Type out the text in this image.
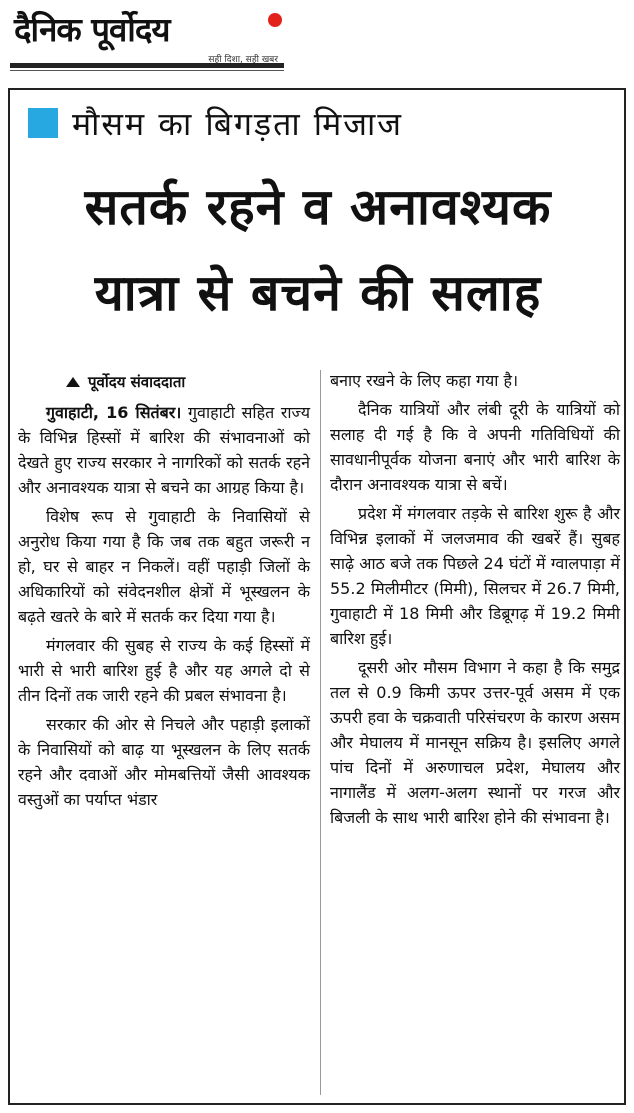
दैनिक पूर्वोदय
सही दिशा, सही खबर
मौसम का बिगड़ता मिजाज
सतर्क रहने व अनावश्यक
यात्रा से बचने की सलाह
पूर्वोदय संवाददाता

गुवाहाटी, 16 सितंबर। गुवाहाटी सहित राज्य के विभिन्न हिस्सों में बारिश की संभावनाओं को देखते हुए राज्य सरकार ने नागरिकों को सतर्क रहने और अनावश्यक यात्रा से बचने का आग्रह किया है।

विशेष रूप से गुवाहाटी के निवासियों से अनुरोध किया गया है कि जब तक बहुत जरूरी न हो, घर से बाहर न निकलें। वहीं पहाड़ी जिलों के अधिकारियों को संवेदनशील क्षेत्रों में भूस्खलन के बढ़ते खतरे के बारे में सतर्क कर दिया गया है।

मंगलवार की सुबह से राज्य के कई हिस्सों में भारी से भारी बारिश हुई है और यह अगले दो से तीन दिनों तक जारी रहने की प्रबल संभावना है।

सरकार की ओर से निचले और पहाड़ी इलाकों के निवासियों को बाढ़ या भूस्खलन के लिए सतर्क रहने और दवाओं और मोमबत्तियों जैसी आवश्यक वस्तुओं का पर्याप्त भंडार

बनाए रखने के लिए कहा गया है।

दैनिक यात्रियों और लंबी दूरी के यात्रियों को सलाह दी गई है कि वे अपनी गतिविधियों की सावधानीपूर्वक योजना बनाएं और भारी बारिश के दौरान अनावश्यक यात्रा से बचें।

प्रदेश में मंगलवार तड़के से बारिश शुरू है और विभिन्न इलाकों में जलजमाव की खबरें हैं। सुबह साढ़े आठ बजे तक पिछले 24 घंटों में ग्वालपाड़ा में 55.2 मिलीमीटर (मिमी), सिलचर में 26.7 मिमी, गुवाहाटी में 18 मिमी और डिब्रूगढ़ में 19.2 मिमी बारिश हुई।

दूसरी ओर मौसम विभाग ने कहा है कि समुद्र तल से 0.9 किमी ऊपर उत्तर-पूर्व असम में एक ऊपरी हवा के चक्रवाती परिसंचरण के कारण असम और मेघालय में मानसून सक्रिय है। इसलिए अगले पांच दिनों में अरुणाचल प्रदेश, मेघालय और नागालैंड में अलग-अलग स्थानों पर गरज और बिजली के साथ भारी बारिश होने की संभावना है।
